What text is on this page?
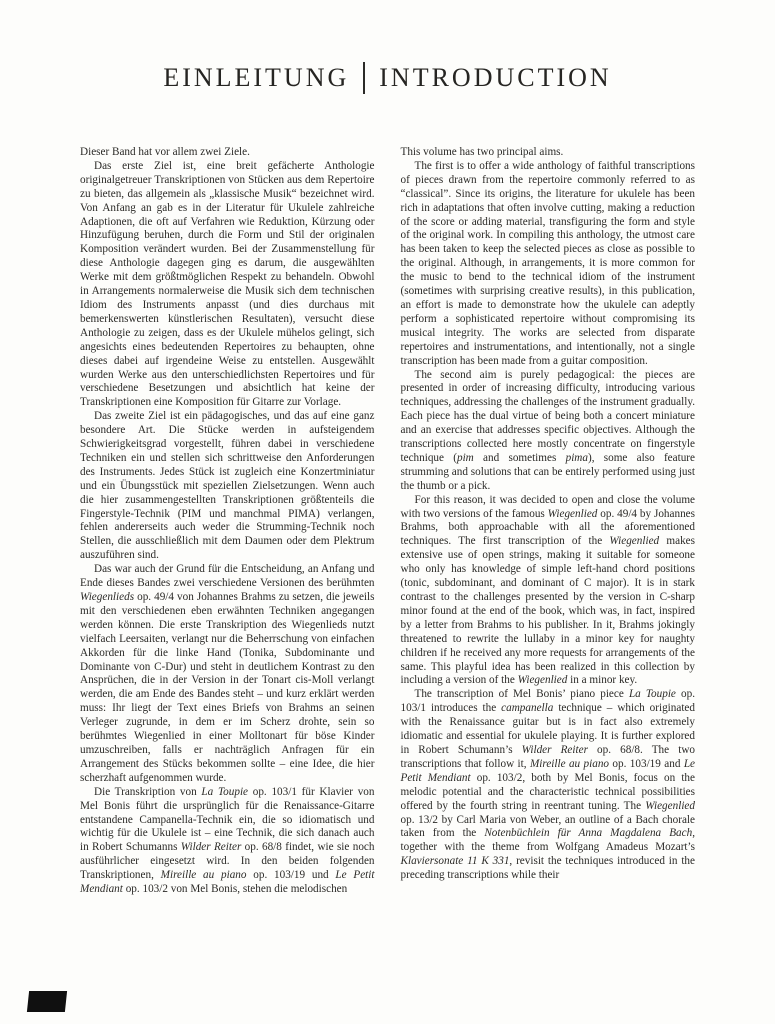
EINLEITUNG INTRODUCTION

Dieser Band hat vor allem zwei Ziele.

Das erste Ziel ist, eine breit gefächerte Anthologie originalgetreuer Transkriptionen von Stücken aus dem Repertoire zu bieten, das allgemein als „klassische Musik“ bezeichnet wird. Von Anfang an gab es in der Literatur für Ukulele zahlreiche Adaptionen, die oft auf Verfahren wie Reduktion, Kürzung oder Hinzufügung beruhen, durch die Form und Stil der originalen Komposition verändert wurden. Bei der Zusammenstellung für diese Anthologie dagegen ging es darum, die ausgewählten Werke mit dem größtmöglichen Respekt zu behandeln. Obwohl in Arrangements normalerweise die Musik sich dem technischen Idiom des Instruments anpasst (und dies durchaus mit bemerkenswerten künstlerischen Resultaten), versucht diese Anthologie zu zeigen, dass es der Ukulele mühelos gelingt, sich angesichts eines bedeutenden Repertoires zu behaupten, ohne dieses dabei auf irgendeine Weise zu entstellen. Ausgewählt wurden Werke aus den unterschiedlichsten Repertoires und für verschiedene Besetzungen und absichtlich hat keine der Transkriptionen eine Komposition für Gitarre zur Vorlage.

Das zweite Ziel ist ein pädagogisches, und das auf eine ganz besondere Art. Die Stücke werden in aufsteigendem Schwierigkeitsgrad vorgestellt, führen dabei in verschiedene Techniken ein und stellen sich schrittweise den Anforderungen des Instruments. Jedes Stück ist zugleich eine Konzertminiatur und ein Übungsstück mit speziellen Zielsetzungen. Wenn auch die hier zusammengestellten Transkriptionen größtenteils die Fingerstyle-Technik (PIM und manchmal PIMA) verlangen, fehlen andererseits auch weder die Strumming-Technik noch Stellen, die ausschließlich mit dem Daumen oder dem Plektrum auszuführen sind.

Das war auch der Grund für die Entscheidung, an Anfang und Ende dieses Bandes zwei verschiedene Versionen des berühmten Wiegenlieds op. 49/4 von Johannes Brahms zu setzen, die jeweils mit den verschiedenen eben erwähnten Techniken angegangen werden können. Die erste Transkription des Wiegenlieds nutzt vielfach Leersaiten, verlangt nur die Beherrschung von einfachen Akkorden für die linke Hand (Tonika, Subdominante und Dominante von C-Dur) und steht in deutlichem Kontrast zu den Ansprüchen, die in der Version in der Tonart cis-Moll verlangt werden, die am Ende des Bandes steht – und kurz erklärt werden muss: Ihr liegt der Text eines Briefs von Brahms an seinen Verleger zugrunde, in dem er im Scherz drohte, sein so berühmtes Wiegenlied in einer Molltonart für böse Kinder umzuschreiben, falls er nachträglich Anfragen für ein Arrangement des Stücks bekommen sollte – eine Idee, die hier scherzhaft aufgenommen wurde.

Die Transkription von La Toupie op. 103/1 für Klavier von Mel Bonis führt die ursprünglich für die Renaissance-Gitarre entstandene Campanella-Technik ein, die so idiomatisch und wichtig für die Ukulele ist – eine Technik, die sich danach auch in Robert Schumanns Wilder Reiter op. 68/8 findet, wie sie noch ausführlicher eingesetzt wird. In den beiden folgenden Transkriptionen, Mireille au piano op. 103/19 und Le Petit Mendiant op. 103/2 von Mel Bonis, stehen die melodischen

This volume has two principal aims.

The first is to offer a wide anthology of faithful transcriptions of pieces drawn from the repertoire commonly referred to as “classical”. Since its origins, the literature for ukulele has been rich in adaptations that often involve cutting, making a reduction of the score or adding material, transfiguring the form and style of the original work. In compiling this anthology, the utmost care has been taken to keep the selected pieces as close as possible to the original. Although, in arrangements, it is more common for the music to bend to the technical idiom of the instrument (sometimes with surprising creative results), in this publication, an effort is made to demonstrate how the ukulele can adeptly perform a sophisticated repertoire without compromising its musical integrity. The works are selected from disparate repertoires and instrumentations, and intentionally, not a single transcription has been made from a guitar composition.

The second aim is purely pedagogical: the pieces are presented in order of increasing difficulty, introducing various techniques, addressing the challenges of the instrument gradually. Each piece has the dual virtue of being both a concert miniature and an exercise that addresses specific objectives. Although the transcriptions collected here mostly concentrate on fingerstyle technique (pim and sometimes pima), some also feature strumming and solutions that can be entirely performed using just the thumb or a pick.

For this reason, it was decided to open and close the volume with two versions of the famous Wiegenlied op. 49/4 by Johannes Brahms, both approachable with all the aforementioned techniques. The first transcription of the Wiegenlied makes extensive use of open strings, making it suitable for someone who only has knowledge of simple left-hand chord positions (tonic, subdominant, and dominant of C major). It is in stark contrast to the challenges presented by the version in C-sharp minor found at the end of the book, which was, in fact, inspired by a letter from Brahms to his publisher. In it, Brahms jokingly threatened to rewrite the lullaby in a minor key for naughty children if he received any more requests for arrangements of the same. This playful idea has been realized in this collection by including a version of the Wiegenlied in a minor key.

The transcription of Mel Bonis’ piano piece La Toupie op. 103/1 introduces the campanella technique – which originated with the Renaissance guitar but is in fact also extremely idiomatic and essential for ukulele playing. It is further explored in Robert Schumann’s Wilder Reiter op. 68/8. The two transcriptions that follow it, Mireille au piano op. 103/19 and Le Petit Mendiant op. 103/2, both by Mel Bonis, focus on the melodic potential and the characteristic technical possibilities offered by the fourth string in reentrant tuning. The Wiegenlied op. 13/2 by Carl Maria von Weber, an outline of a Bach chorale taken from the Notenbüchlein für Anna Magdalena Bach, together with the theme from Wolfgang Amadeus Mozart’s Klaviersonate 11 K 331, revisit the techniques introduced in the preceding transcriptions while their
